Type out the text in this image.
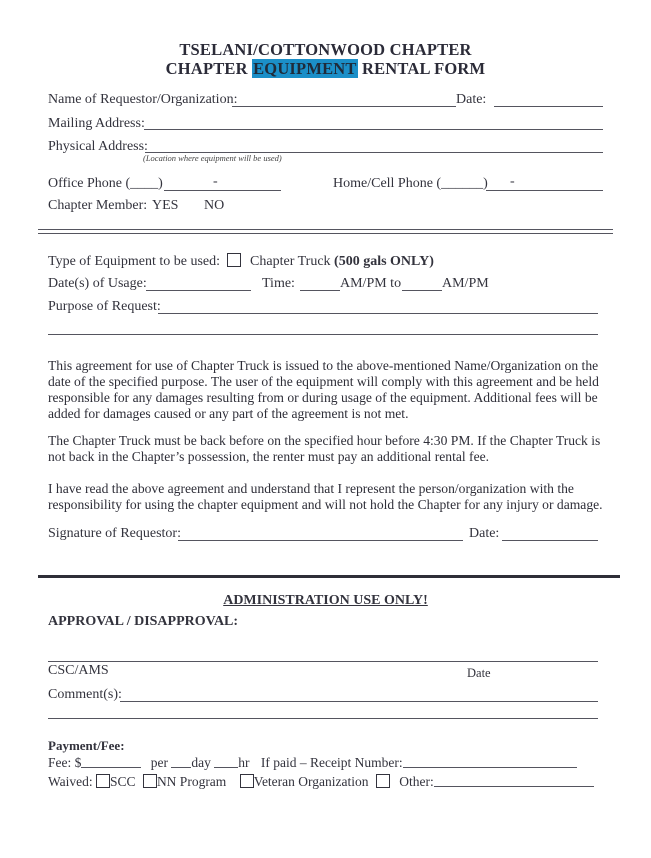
TSELANI/COTTONWOOD CHAPTER
CHAPTER EQUIPMENT RENTAL FORM
Name of Requestor/Organization:	Date:
Mailing Address:
Physical Address:
(Location where equipment will be used)
Office Phone (____)	-	Home/Cell Phone (______) -
Chapter Member: YES NO
Type of Equipment to be used: Chapter Truck (500 gals ONLY)
Date(s) of Usage:	Time:	AM/PM to	AM/PM
Purpose of Request:
This agreement for use of Chapter Truck is issued to the above-mentioned Name/Organization on the date of the specified purpose. The user of the equipment will comply with this agreement and be held responsible for any damages resulting from or during usage of the equipment. Additional fees will be added for damages caused or any part of the agreement is not met.
The Chapter Truck must be back before on the specified hour before 4:30 PM. If the Chapter Truck is not back in the Chapter’s possession, the renter must pay an additional rental fee.
I have read the above agreement and understand that I represent the person/organization with the responsibility for using the chapter equipment and will not hold the Chapter for any injury or damage.
Signature of Requestor:	Date:
ADMINISTRATION USE ONLY!
APPROVAL / DISAPPROVAL:
CSC/AMS	Date
Comment(s):
Payment/Fee:
Fee: $	per day hr If paid – Receipt Number:
Waived: SCC NN Program Veteran Organization Other:
